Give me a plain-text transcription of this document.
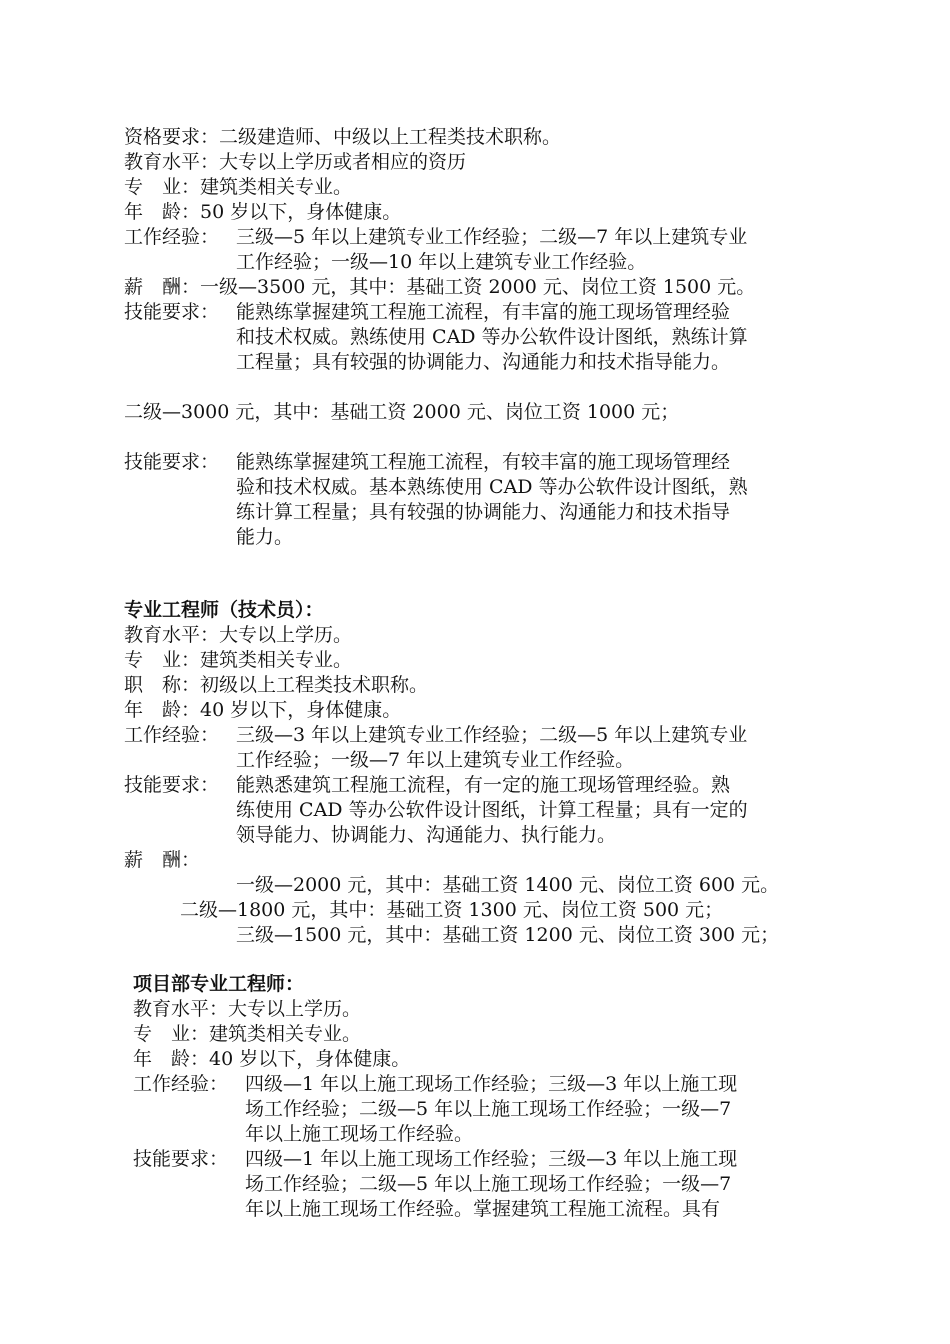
资格要求：二级建造师、中级以上工程类技术职称。
教育水平：大专以上学历或者相应的资历
专　业：建筑类相关专业。
年　龄：50 岁以下，身体健康。
工作经验： 三级—5 年以上建筑专业工作经验；二级—7 年以上建筑专业
工作经验；一级—10 年以上建筑专业工作经验。
薪　酬：一级—3500 元，其中：基础工资 2000 元、岗位工资 1500 元。
技能要求： 能熟练掌握建筑工程施工流程，有丰富的施工现场管理经验
和技术权威。熟练使用 CAD 等办公软件设计图纸，熟练计算
工程量；具有较强的协调能力、沟通能力和技术指导能力。
二级—3000 元，其中：基础工资 2000 元、岗位工资 1000 元；
技能要求： 能熟练掌握建筑工程施工流程，有较丰富的施工现场管理经
验和技术权威。基本熟练使用 CAD 等办公软件设计图纸，熟
练计算工程量；具有较强的协调能力、沟通能力和技术指导
能力。
专业工程师（技术员）：
教育水平：大专以上学历。
专　业：建筑类相关专业。
职　称：初级以上工程类技术职称。
年　龄：40 岁以下，身体健康。
工作经验： 三级—3 年以上建筑专业工作经验；二级—5 年以上建筑专业
工作经验；一级—7 年以上建筑专业工作经验。
技能要求： 能熟悉建筑工程施工流程，有一定的施工现场管理经验。熟
练使用 CAD 等办公软件设计图纸，计算工程量；具有一定的
领导能力、协调能力、沟通能力、执行能力。
薪　酬：
一级—2000 元，其中：基础工资 1400 元、岗位工资 600 元。
二级—1800 元，其中：基础工资 1300 元、岗位工资 500 元；
三级—1500 元，其中：基础工资 1200 元、岗位工资 300 元；
项目部专业工程师：
教育水平：大专以上学历。
专　业：建筑类相关专业。
年　龄：40 岁以下，身体健康。
工作经验： 四级—1 年以上施工现场工作经验；三级—3 年以上施工现
场工作经验；二级—5 年以上施工现场工作经验；一级—7
年以上施工现场工作经验。
技能要求： 四级—1 年以上施工现场工作经验；三级—3 年以上施工现
场工作经验；二级—5 年以上施工现场工作经验；一级—7
年以上施工现场工作经验。掌握建筑工程施工流程。具有
